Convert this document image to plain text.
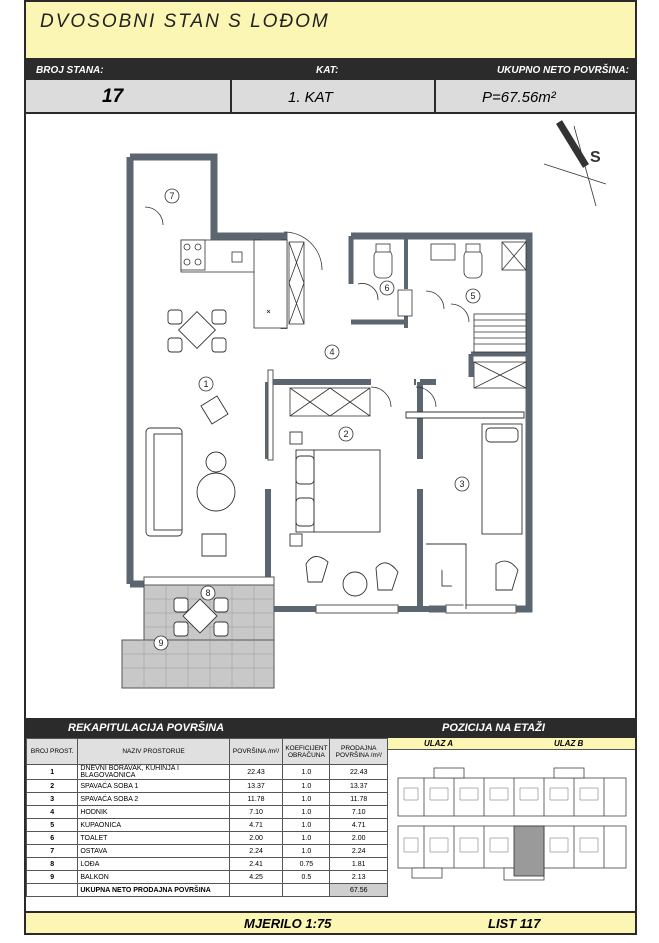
DVOSOBNI STAN S LOĐOM
BROJ STANA:	KAT:	UKUPNO NETO POVRŠINA:
17	1. KAT	P=67.56m²
1
2
3
4
5
6
7
8
9
S
REKAPITULACIJA POVRŠINA	POZICIJA NA ETAŽI
BROJ PROST.	NAZIV PROSTORIJE	POVRŠINA /m²/	KOEFICIJENT OBRAČUNA	PRODAJNA POVRŠINA /m²/
1	DNEVNI BORAVAK, KUHINJA I BLAGOVAONICA	22.43	1.0	22.43
2	SPAVAĆA SOBA 1	13.37	1.0	13.37
3	SPAVAĆA SOBA 2	11.78	1.0	11.78
4	HODNIK	7.10	1.0	7.10
5	KUPAONICA	4.71	1.0	4.71
6	TOALET	2.00	1.0	2.00
7	OSTAVA	2.24	1.0	2.24
8	LOĐA	2.41	0.75	1.81
9	BALKON	4.25	0.5	2.13
	UKUPNA NETO PRODAJNA POVRŠINA			67.56
ULAZ A	ULAZ B
MJERILO 1:75	LIST 117
